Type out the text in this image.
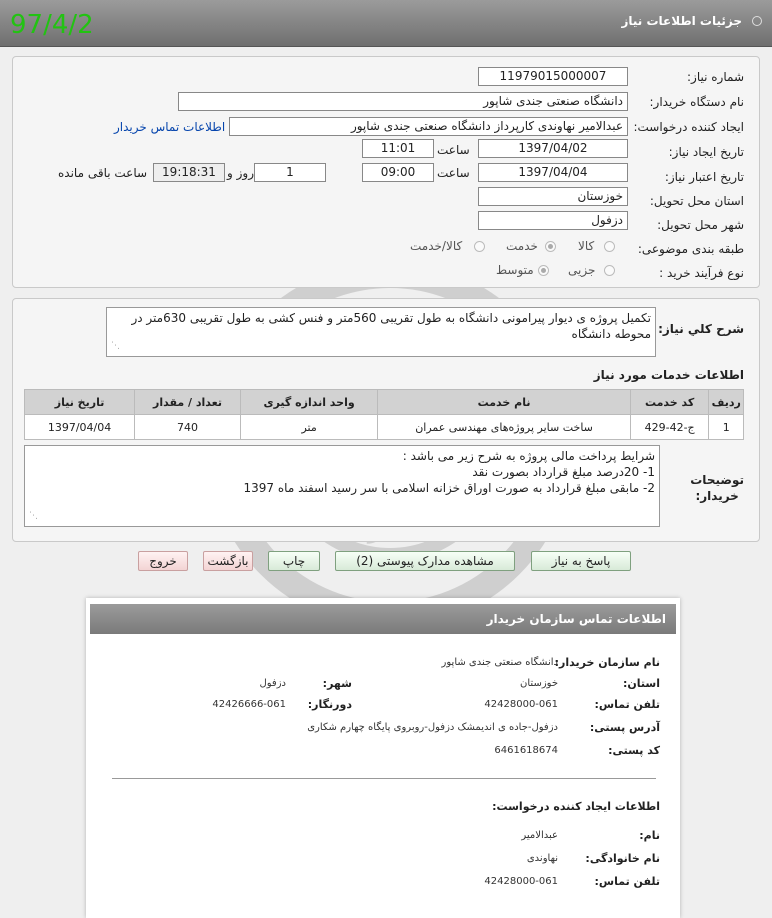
جزئیات اطلاعات نیاز
97/4/2
شماره نیاز:
1197901500000​7
نام دستگاه خریدار:
دانشگاه صنعتی جندی شاپور
ایجاد کننده درخواست:
عبدالامیر نهاوندی کارپرداز دانشگاه صنعتی جندی شاپور
اطلاعات تماس خریدار
تاریخ ایجاد نیاز:
1397/04/02
ساعت
11:01
تاریخ اعتبار نیاز:
1397/04/04
ساعت
09:00
1
روز و
19:18:31
ساعت باقی مانده
استان محل تحویل:
خوزستان
شهر محل تحویل:
دزفول
طبقه بندی موضوعی:
کالا
خدمت
کالا/خدمت
نوع فرآیند خرید :
جزیی
متوسط
شرح کلي نیاز:
تکمیل پروژه ی دیوار پیرامونی دانشگاه به طول تقریبی 560متر و فنس کشی به طول تقریبی 630متر در محوطه دانشگاه
⋰
اطلاعات خدمات مورد نیاز
ردیف	کد خدمت	نام خدمت	واحد اندازه گیری	تعداد / مقدار	تاریخ نیاز
1	ج-42-429	ساخت سایر پروژه‌های مهندسی عمران	متر	740	1397/04/04
توضیحات
خریدار:
شرایط پرداخت مالی پروژه به شرح زیر می باشد :
1- 20درصد مبلغ قرارداد بصورت نقد
2- مابقی مبلغ قرارداد به صورت اوراق خزانه اسلامی با سر رسید اسفند ماه 1397
⋰
پاسخ به نیاز
مشاهده مدارک پیوستی (2)
چاپ
بازگشت
خروج
اطلاعات تماس سازمان خریدار
نام سازمان خریدار:
دانشگاه صنعتی جندی شاپور
استان:
خوزستان
شهر:
دزفول
تلفن تماس:
42428000-061
دورنگار:
42426666-061
آدرس پستی:
دزفول-جاده ی اندیمشک دزفول-روبروی پایگاه چهارم شکاری
کد پستی:
6461618674
اطلاعات ایجاد کننده درخواست:
نام:
عبدالامیر
نام خانوادگی:
نهاوندی
تلفن تماس:
42428000-061
